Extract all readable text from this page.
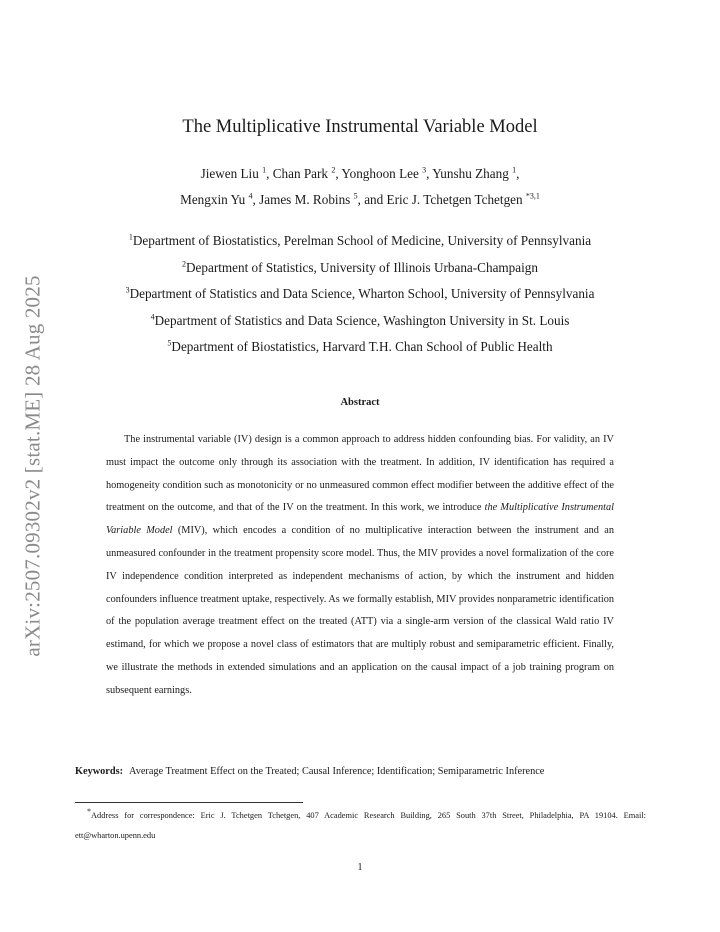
arXiv:2507.09302v2 [stat.ME] 28 Aug 2025
The Multiplicative Instrumental Variable Model
Jiewen Liu $^1$, Chan Park $^2$, Yonghoon Lee $^3$, Yunshu Zhang $^1$,
Mengxin Yu $^4$, James M. Robins $^5$, and Eric J. Tchetgen Tchetgen $^{*3,1}$
$^1$Department of Biostatistics, Perelman School of Medicine, University of Pennsylvania
$^2$Department of Statistics, University of Illinois Urbana-Champaign
$^3$Department of Statistics and Data Science, Wharton School, University of Pennsylvania
$^4$Department of Statistics and Data Science, Washington University in St. Louis
$^5$Department of Biostatistics, Harvard T.H. Chan School of Public Health
Abstract
The instrumental variable (IV) design is a common approach to address hidden confounding bias. For validity, an IV must impact the outcome only through its association with the treatment. In addition, IV identification has required a homogeneity condition such as monotonicity or no unmeasured common effect modifier between the additive effect of the treatment on the outcome, and that of the IV on the treatment. In this work, we introduce the Multiplicative Instrumental Variable Model (MIV), which encodes a condition of no multiplicative interaction between the instrument and an unmeasured confounder in the treatment propensity score model. Thus, the MIV provides a novel formalization of the core IV independence condition interpreted as independent mechanisms of action, by which the instrument and hidden confounders influence treatment uptake, respectively. As we formally establish, MIV provides nonparametric identification of the population average treatment effect on the treated (ATT) via a single-arm version of the classical Wald ratio IV estimand, for which we propose a novel class of estimators that are multiply robust and semiparametric efficient. Finally, we illustrate the methods in extended simulations and an application on the causal impact of a job training program on subsequent earnings.
Keywords: Average Treatment Effect on the Treated; Causal Inference; Identification; Semiparametric Inference
*Address for correspondence: Eric J. Tchetgen Tchetgen, 407 Academic Research Building, 265 South 37th Street, Philadelphia, PA 19104. Email: ett@wharton.upenn.edu
1
